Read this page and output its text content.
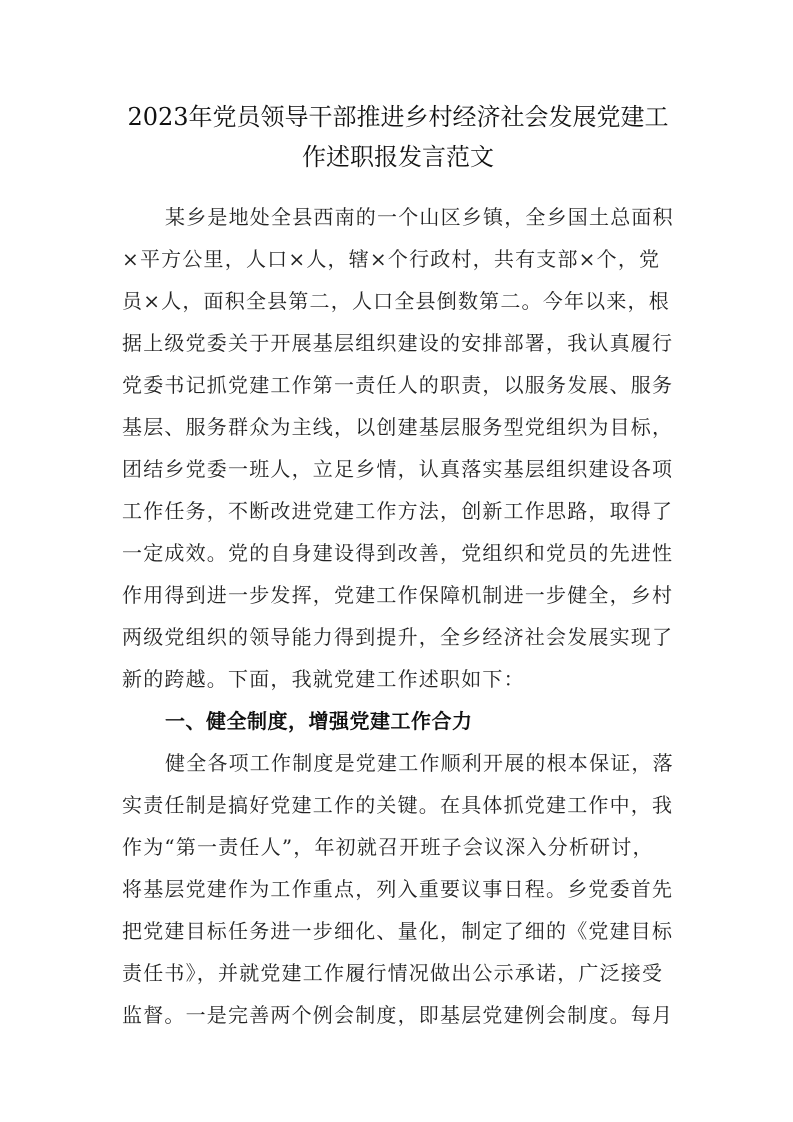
2023年党员领导干部推进乡村经济社会发展党建工
作述职报发言范文
某乡是地处全县西南的一个山区乡镇，全乡国土总面积
×平方公里，人口×人，辖×个行政村，共有支部×个，党
员×人，面积全县第二，人口全县倒数第二。今年以来，根
据上级党委关于开展基层组织建设的安排部署，我认真履行
党委书记抓党建工作第一责任人的职责，以服务发展、服务
基层、服务群众为主线，以创建基层服务型党组织为目标，
团结乡党委一班人，立足乡情，认真落实基层组织建设各项
工作任务，不断改进党建工作方法，创新工作思路，取得了
一定成效。党的自身建设得到改善，党组织和党员的先进性
作用得到进一步发挥，党建工作保障机制进一步健全，乡村
两级党组织的领导能力得到提升，全乡经济社会发展实现了
新的跨越。下面，我就党建工作述职如下：
一、健全制度，增强党建工作合力
健全各项工作制度是党建工作顺利开展的根本保证，落
实责任制是搞好党建工作的关键。在具体抓党建工作中，我
作为“第一责任人”，年初就召开班子会议深入分析研讨，
将基层党建作为工作重点，列入重要议事日程。乡党委首先
把党建目标任务进一步细化、量化，制定了细的《党建目标
责任书》，并就党建工作履行情况做出公示承诺，广泛接受
监督。一是完善两个例会制度，即基层党建例会制度。每月
